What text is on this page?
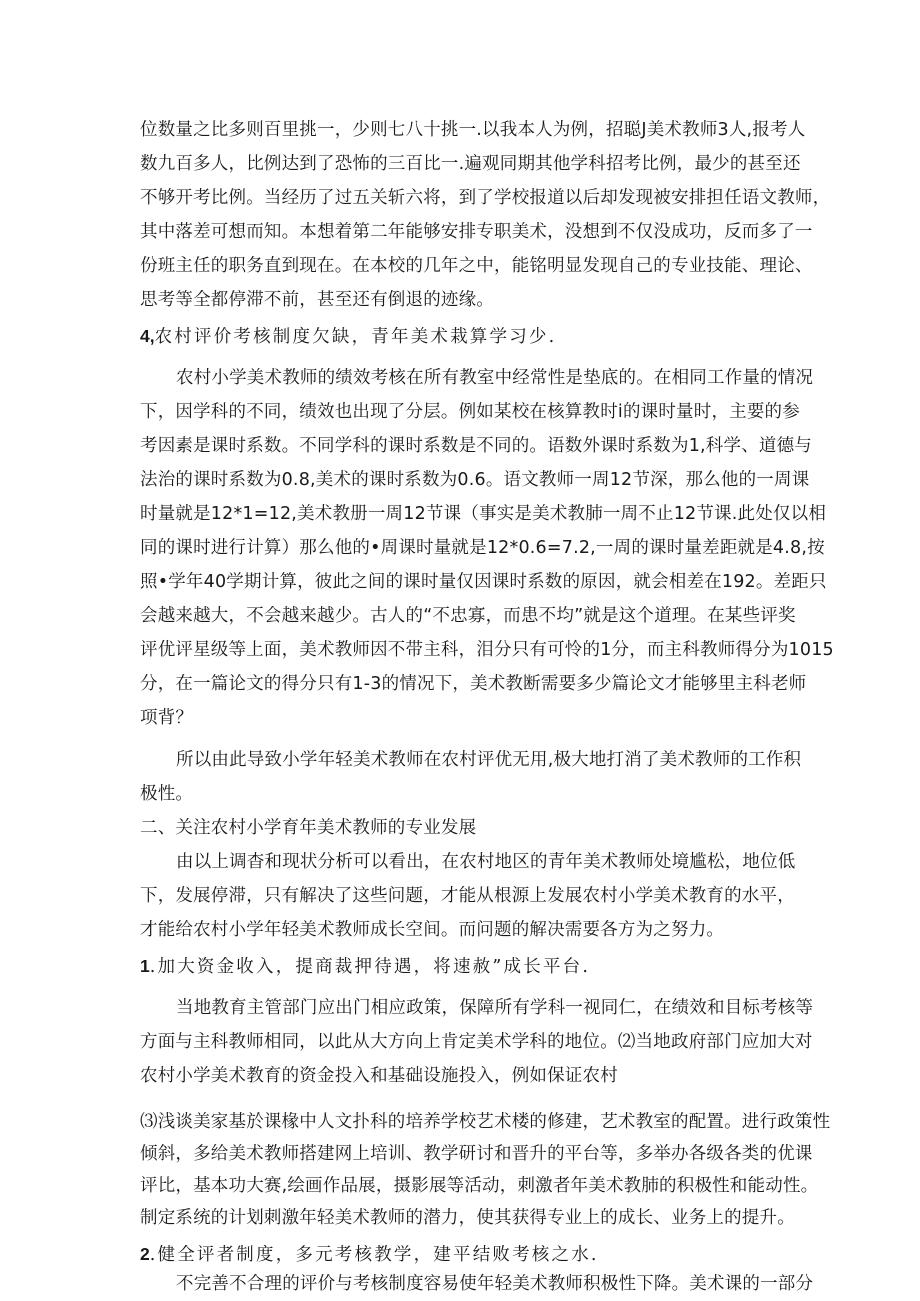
位数量之比多则百里挑一，少则七八十挑一.以我本人为例，招聪J美术教师3人,报考人
数九百多人，比例达到了恐怖的三百比一.遍观同期其他学科招考比例，最少的甚至还
不够开考比例。当经历了过五关斩六将，到了学校报道以后却发现被安排担任语文教师，
其中落差可想而知。本想着第二年能够安排专职美术，没想到不仅没成功，反而多了一
份班主任的职务直到现在。在本校的几年之中，能铭明显发现自己的专业技能、理论、
思考等全都停滞不前，甚至还有倒退的迹缘。
4,农村评价考核制度欠缺，青年美术栽算学习少.
农村小学美术教师的绩效考核在所有教室中经常性是垫底的。在相同工作量的情况
下，因学科的不同，绩效也出现了分层。例如某校在核算教时i的课时量时，主要的参
考因素是课时系数。不同学科的课时系数是不同的。语数外课时系数为1,科学、道德与
法治的课时系数为0.8,美术的课时系数为0.6。语文教师一周12节深，那么他的一周课
时量就是12*1=12,美术教册一周12节课（事实是美术教肺一周不止12节课.此处仅以相
同的课时进行计算）那么他的•周课时量就是12*0.6=7.2,一周的课时量差距就是4.8,按
照•学年40学期计算，彼此之间的课时量仅因课时系数的原因，就会相差在192。差距只
会越来越大，不会越来越少。古人的“不忠寡，而患不均”就是这个道理。在某些评奖
评优评星级等上面，美术教师因不带主科，泪分只有可怜的1分，而主科教师得分为1015
分，在一篇论文的得分只有1-3的情况下，美术教断需要多少篇论文才能够里主科老师
项背？
所以由此导致小学年轻美术教师在农村评优无用,极大地打消了美术教师的工作积
极性。
二、关注农村小学育年美术教师的专业发展
由以上调杳和现状分析可以看出，在农村地区的青年美术教师处境尴松，地位低
下，发展停滞，只有解决了这些问题，才能从根源上发展农村小学美术教育的水平，
才能给农村小学年轻美术教师成长空间。而问题的解决需要各方为之努力。
1.加大资金收入，提商裁押待遇，将速赦”成长平台.
当地教育主管部门应出门相应政策，保障所有学科一视同仁，在绩效和目标考核等
方面与主科教师相同，以此从大方向上肯定美术学科的地位。⑵当地政府部门应加大对
农村小学美术教育的资金投入和基础设施投入，例如保证农村
⑶浅谈美家基於课椽中人文扑科的培养学校艺术楼的修建，艺术教室的配置。进行政策性
倾斜，多给美术教师搭建网上培训、教学研讨和晋升的平台等，多举办各级各类的优课
评比，基本功大赛,绘画作品展，摄影展等活动，刺激者年美术教肺的积极性和能动性。
制定系统的计划刺激年轻美术教师的潜力，使其获得专业上的成长、业务上的提升。
2.健全评者制度，多元考核教学，建平结败考核之水.
不完善不合理的评价与考核制度容易使年轻美术教师积极性下降。美术课的一部分
